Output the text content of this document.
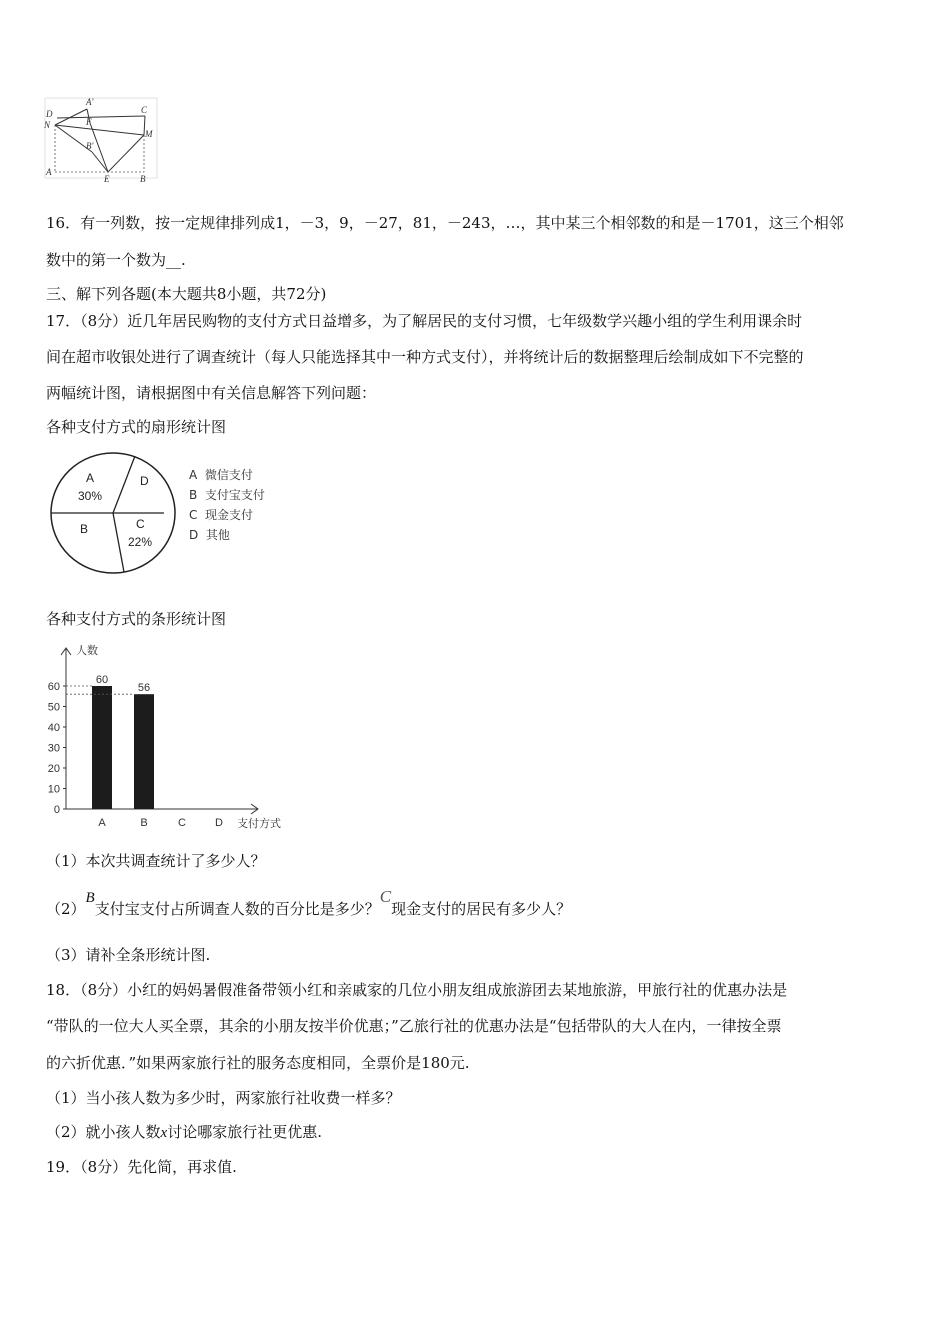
D
A'
C
N	F
M
B'
A
E	B
16．有一列数，按一定规律排列成1，－3，9，－27，81，－243，…，其中某三个相邻数的和是－1701，这三个相邻
数中的第一个数为__.
三、解下列各题(本大题共8小题，共72分)
17．（8分）近几年居民购物的支付方式日益增多，为了解居民的支付习惯，七年级数学兴趣小组的学生利用课余时
间在超市收银处进行了调查统计（每人只能选择其中一种方式支付），并将统计后的数据整理后绘制成如下不完整的
两幅统计图，请根据图中有关信息解答下列问题：
各种支付方式的扇形统计图
A
30%
D
B	C
22%
A 微信支付
B 支付宝支付
C 现金支付
D 其他
各种支付方式的条形统计图
人数
支付方式
0
10
20
30
40
50
60
60
A
56
B	C	D
（1）本次共调查统计了多少人？
（2）B支付宝支付占所调查人数的百分比是多少？C现金支付的居民有多少人？
（3）请补全条形统计图.
18．（8分）小红的妈妈暑假准备带领小红和亲戚家的几位小朋友组成旅游团去某地旅游，甲旅行社的优惠办法是
“带队的一位大人买全票，其余的小朋友按半价优惠；”乙旅行社的优惠办法是“包括带队的大人在内，一律按全票
的六折优惠．”如果两家旅行社的服务态度相同，全票价是180元.
（1）当小孩人数为多少时，两家旅行社收费一样多？
（2）就小孩人数x讨论哪家旅行社更优惠.
19．（8分）先化简，再求值.
